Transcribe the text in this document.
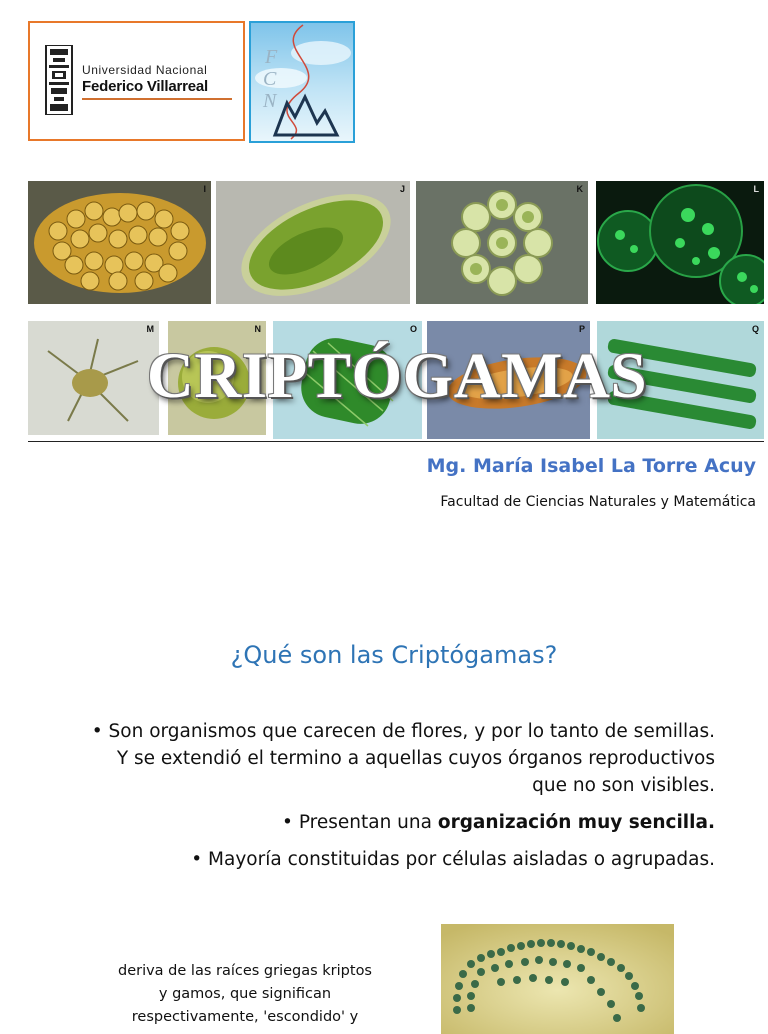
Universidad Nacional
Federico Villarreal
F
C
N
I	J	K	L
M	N	O	P	Q
CRIPTÓGAMAS
Mg. María Isabel La Torre Acuy
Facultad de Ciencias Naturales y Matemática
¿Qué son las Criptógamas?

• Son organismos que carecen de flores, y por lo tanto de semillas. Y se extendió el termino a aquellas cuyos órganos reproductivos que no son visibles.

• Presentan una organización muy sencilla.

• Mayoría constituidas por células aisladas o agrupadas.

deriva de las raíces griegas kriptos
y gamos, que significan
respectivamente, 'escondido' y
